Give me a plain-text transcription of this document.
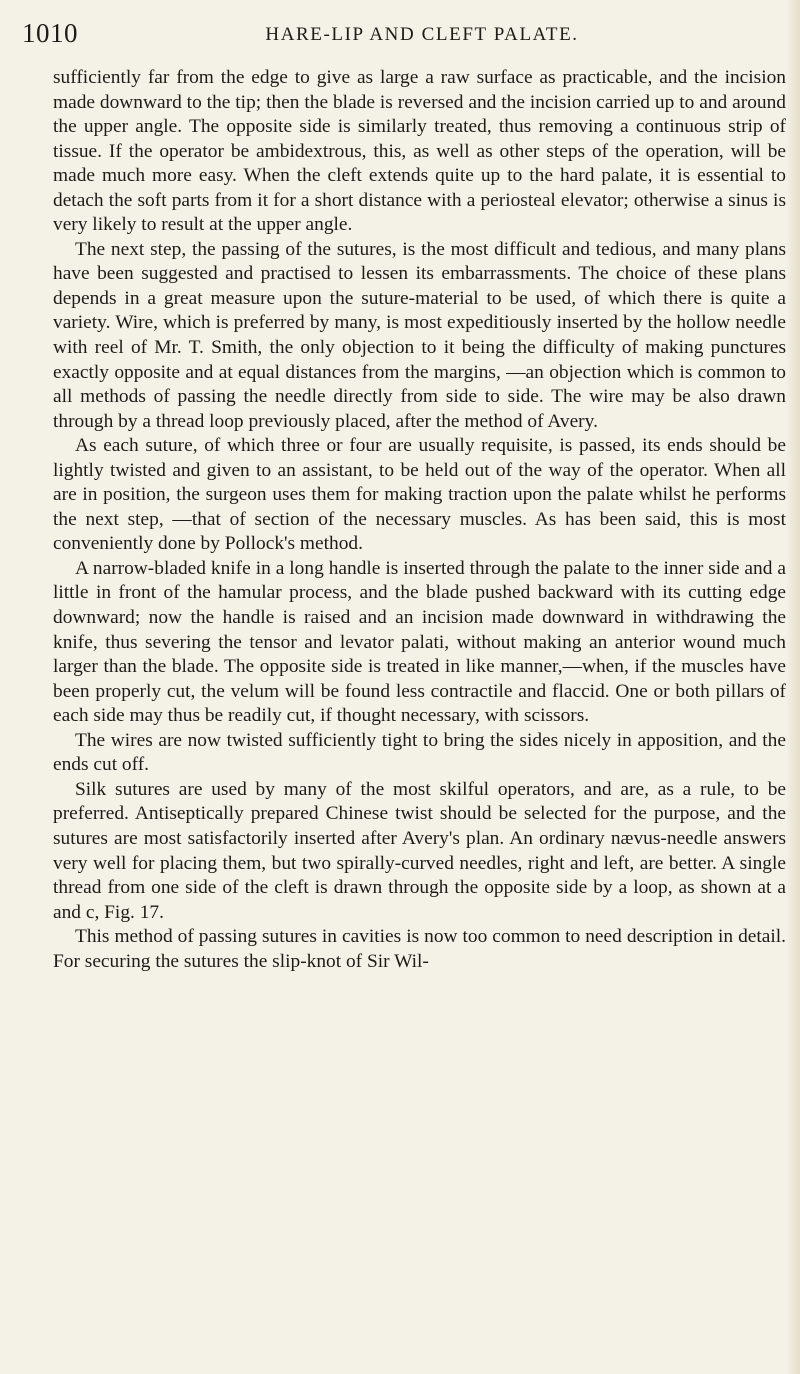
1010	HARE-LIP AND CLEFT PALATE.

sufficiently far from the edge to give as large a raw surface as practicable, and the incision made downward to the tip; then the blade is reversed and the incision carried up to and around the upper angle. The opposite side is similarly treated, thus removing a continuous strip of tissue. If the operator be ambidextrous, this, as well as other steps of the operation, will be made much more easy. When the cleft extends quite up to the hard palate, it is essential to detach the soft parts from it for a short distance with a periosteal elevator; otherwise a sinus is very likely to result at the upper angle.

The next step, the passing of the sutures, is the most difficult and tedious, and many plans have been suggested and practised to lessen its embarrassments. The choice of these plans depends in a great measure upon the suture-material to be used, of which there is quite a variety. Wire, which is preferred by many, is most expeditiously inserted by the hollow needle with reel of Mr. T. Smith, the only objection to it being the difficulty of making punctures exactly opposite and at equal distances from the margins, —an objection which is common to all methods of passing the needle directly from side to side. The wire may be also drawn through by a thread loop previously placed, after the method of Avery.

As each suture, of which three or four are usually requisite, is passed, its ends should be lightly twisted and given to an assistant, to be held out of the way of the operator. When all are in position, the surgeon uses them for making traction upon the palate whilst he performs the next step, —that of section of the necessary muscles. As has been said, this is most conveniently done by Pollock's method.

A narrow-bladed knife in a long handle is inserted through the palate to the inner side and a little in front of the hamular process, and the blade pushed backward with its cutting edge downward; now the handle is raised and an incision made downward in withdrawing the knife, thus severing the tensor and levator palati, without making an anterior wound much larger than the blade. The opposite side is treated in like manner,—when, if the muscles have been properly cut, the velum will be found less contractile and flaccid. One or both pillars of each side may thus be readily cut, if thought necessary, with scissors.

The wires are now twisted sufficiently tight to bring the sides nicely in apposition, and the ends cut off.

Silk sutures are used by many of the most skilful operators, and are, as a rule, to be preferred. Antiseptically prepared Chinese twist should be selected for the purpose, and the sutures are most satisfactorily inserted after Avery's plan. An ordinary nævus-needle answers very well for placing them, but two spirally-curved needles, right and left, are better. A single thread from one side of the cleft is drawn through the opposite side by a loop, as shown at a and c, Fig. 17.

This method of passing sutures in cavities is now too common to need description in detail. For securing the sutures the slip-knot of Sir Wil-
